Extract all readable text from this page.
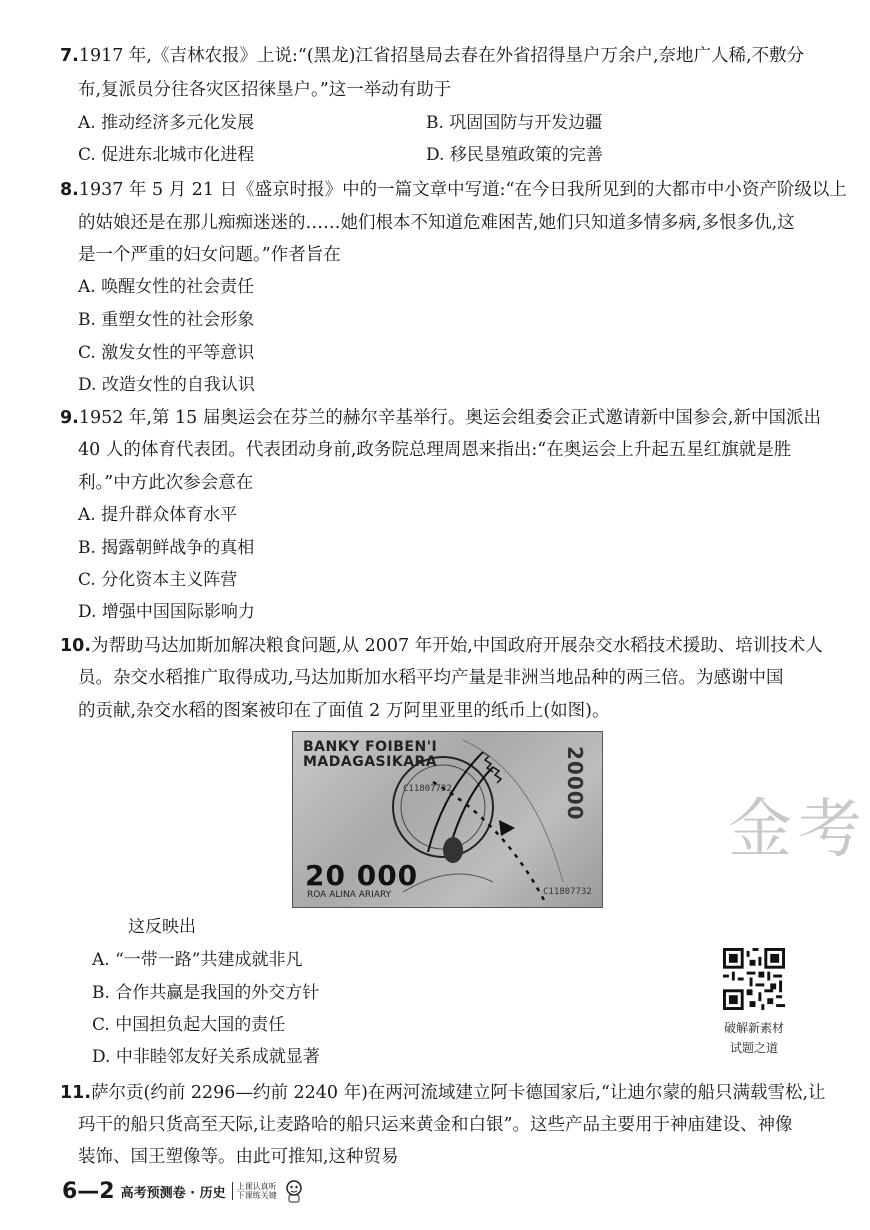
7.1917 年,《吉林农报》上说:“(黑龙)江省招垦局去春在外省招得垦户万余户,奈地广人稀,不敷分
布,复派员分往各灾区招徕垦户。”这一举动有助于
A. 推动经济多元化发展	B. 巩固国防与开发边疆
C. 促进东北城市化进程	D. 移民垦殖政策的完善
8.1937 年 5 月 21 日《盛京时报》中的一篇文章中写道:“在今日我所见到的大都市中小资产阶级以上
的姑娘还是在那儿痴痴迷迷的……她们根本不知道危难困苦,她们只知道多情多病,多恨多仇,这
是一个严重的妇女问题。”作者旨在
A. 唤醒女性的社会责任
B. 重塑女性的社会形象
C. 激发女性的平等意识
D. 改造女性的自我认识
9.1952 年,第 15 届奥运会在芬兰的赫尔辛基举行。奥运会组委会正式邀请新中国参会,新中国派出
40 人的体育代表团。代表团动身前,政务院总理周恩来指出:“在奥运会上升起五星红旗就是胜
利。”中方此次参会意在
A. 提升群众体育水平
B. 揭露朝鲜战争的真相
C. 分化资本主义阵营
D. 增强中国国际影响力
10.为帮助马达加斯加解决粮食问题,从 2007 年开始,中国政府开展杂交水稻技术援助、培训技术人
员。杂交水稻推广取得成功,马达加斯加水稻平均产量是非洲当地品种的两三倍。为感谢中国
的贡献,杂交水稻的图案被印在了面值 2 万阿里亚里的纸币上(如图)。
BANKY FOIBEN'I
MADAGASIKARA
C11807732
C11807732
20 000
ROA ALINA ARIARY
20000
金考
这反映出
A. “一带一路”共建成就非凡
B. 合作共赢是我国的外交方针
C. 中国担负起大国的责任
D. 中非睦邻友好关系成就显著
破解新素材
试题之道
11.萨尔贡(约前 2296—约前 2240 年)在两河流域建立阿卡德国家后,“让迪尔蒙的船只满载雪松,让
玛干的船只货高至天际,让麦路哈的船只运来黄金和白银”。这些产品主要用于神庙建设、神像
装饰、国王塑像等。由此可推知,这种贸易
6—2 高考预测卷 · 历史 上课认真听
下课练关键
